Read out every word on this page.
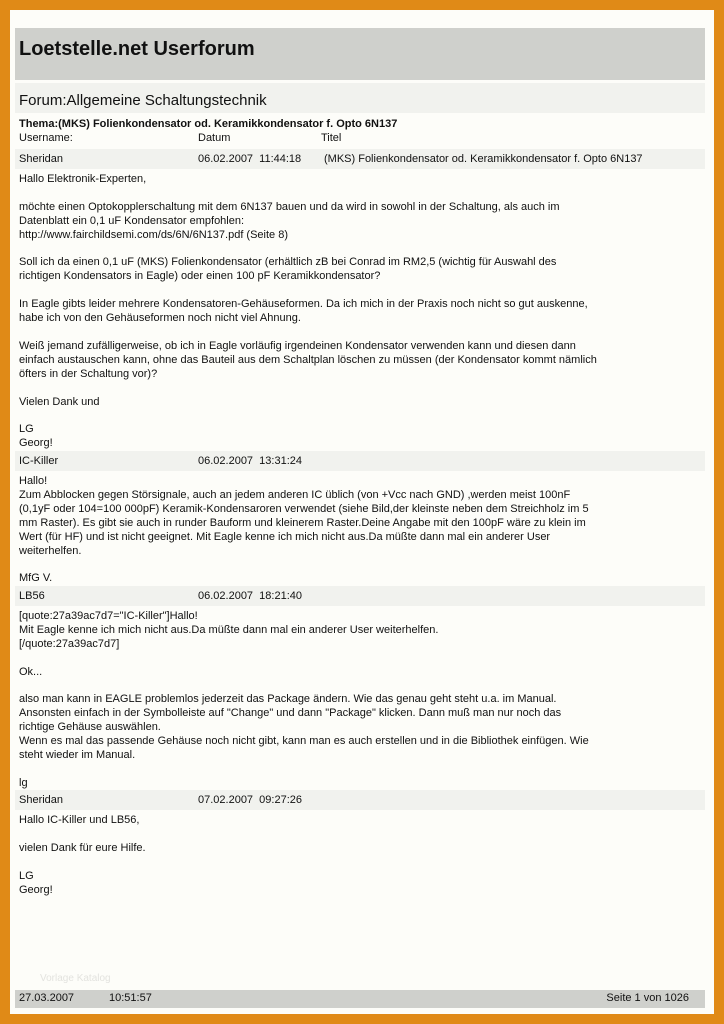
Loetstelle.net Userforum
Forum:Allgemeine Schaltungstechnik
Thema:(MKS) Folienkondensator od. Keramikkondensator f. Opto 6N137
Username:	Datum	Titel
Sheridan	06.02.2007  11:44:18 (MKS) Folienkondensator od. Keramikkondensator f. Opto 6N137
Hallo Elektronik-Experten,

möchte einen Optokopplerschaltung mit dem 6N137 bauen und da wird in sowohl in der Schaltung, als auch im
Datenblatt ein 0,1 uF Kondensator empfohlen:
http://www.fairchildsemi.com/ds/6N/6N137.pdf (Seite 8)

Soll ich da einen 0,1 uF (MKS) Folienkondensator (erhältlich zB bei Conrad im RM2,5 (wichtig für Auswahl des
richtigen Kondensators in Eagle) oder einen 100 pF Keramikkondensator?

In Eagle gibts leider mehrere Kondensatoren-Gehäuseformen. Da ich mich in der Praxis noch nicht so gut auskenne,
habe ich von den Gehäuseformen noch nicht viel Ahnung.

Weiß jemand zufälligerweise, ob ich in Eagle vorläufig irgendeinen Kondensator verwenden kann und diesen dann
einfach austauschen kann, ohne das Bauteil aus dem Schaltplan löschen zu müssen (der Kondensator kommt nämlich
öfters in der Schaltung vor)?

Vielen Dank und

LG
Georg!
IC-Killer	06.02.2007  13:31:24
Hallo!
Zum Abblocken gegen Störsignale, auch an jedem anderen IC üblich (von +Vcc nach GND) ,werden meist 100nF
(0,1yF oder 104=100 000pF) Keramik-Kondensaroren verwendet (siehe Bild,der kleinste neben dem Streichholz im 5
mm Raster). Es gibt sie auch in runder Bauform und kleinerem Raster.Deine Angabe mit den 100pF wäre zu klein im
Wert (für HF) und ist nicht geeignet. Mit Eagle kenne ich mich nicht aus.Da müßte dann mal ein anderer User
weiterhelfen.

MfG V.
LB56	06.02.2007  18:21:40
[quote:27a39ac7d7="IC-Killer"]Hallo!
Mit Eagle kenne ich mich nicht aus.Da müßte dann mal ein anderer User weiterhelfen.
[/quote:27a39ac7d7]

Ok...

also man kann in EAGLE problemlos jederzeit das Package ändern. Wie das genau geht steht u.a. im Manual.
Ansonsten einfach in der Symbolleiste auf "Change" und dann "Package" klicken. Dann muß man nur noch das
richtige Gehäuse auswählen.
Wenn es mal das passende Gehäuse noch nicht gibt, kann man es auch erstellen und in die Bibliothek einfügen. Wie
steht wieder im Manual.

lg
Sheridan	07.02.2007  09:27:26
Hallo IC-Killer und LB56,

vielen Dank für eure Hilfe.

LG
Georg!
Vorlage Katalog
27.03.2007	10:51:57	Seite 1 von 1026
